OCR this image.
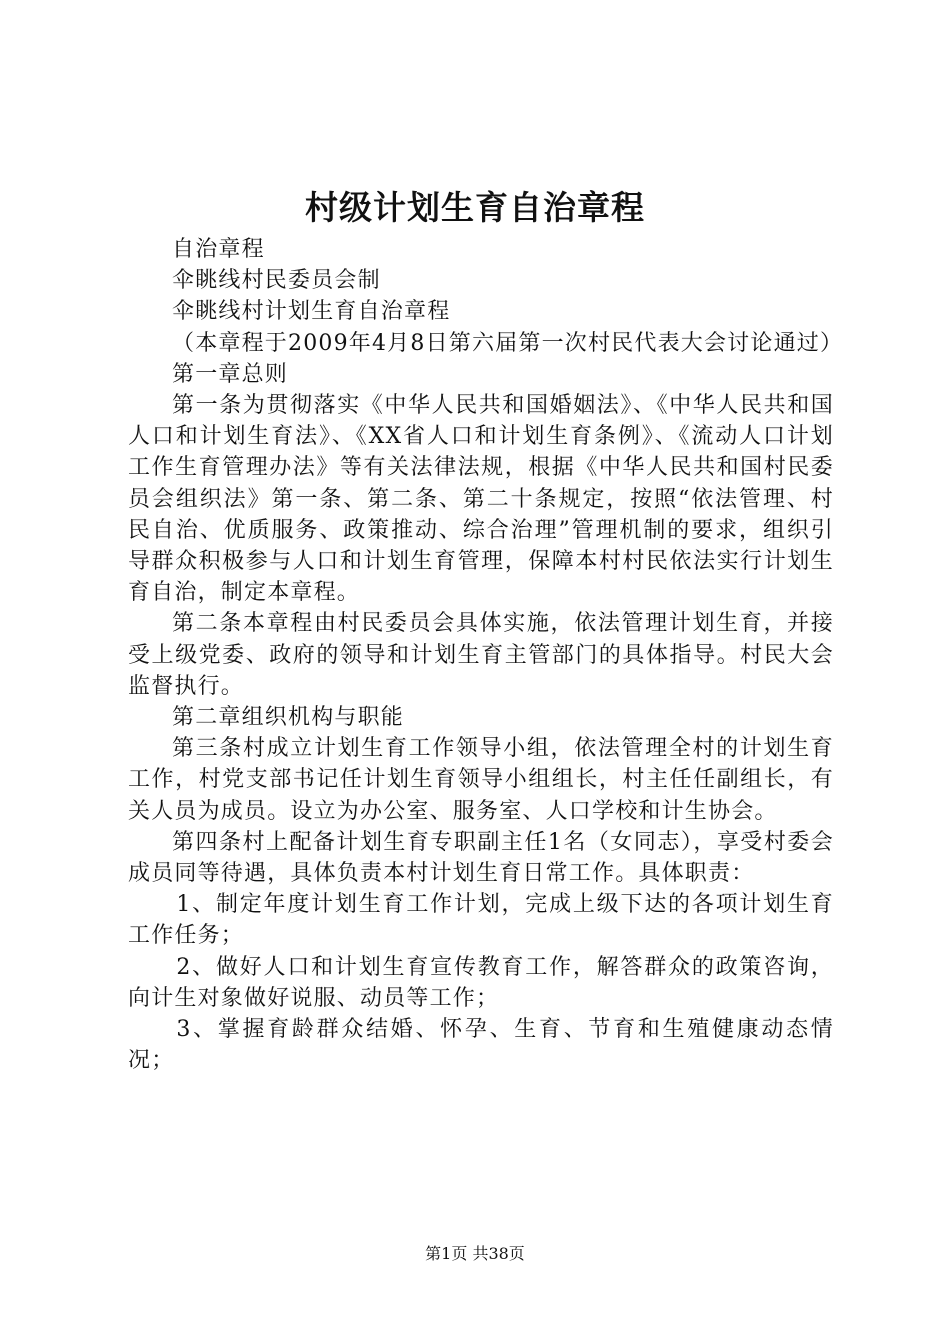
村级计划生育自治章程

自治章程

伞眺线村民委员会制

伞眺线村计划生育自治章程

（本章程于2009年4月8日第六届第一次村民代表大会讨论通过）

第一章总则

第一条为贯彻落实《中华人民共和国婚姻法》、《中华人民共和国人口和计划生育法》、《XX省人口和计划生育条例》、《流动人口计划工作生育管理办法》等有关法律法规，根据《中华人民共和国村民委员会组织法》第一条、第二条、第二十条规定，按照“依法管理、村民自治、优质服务、政策推动、综合治理”管理机制的要求，组织引导群众积极参与人口和计划生育管理，保障本村村民依法实行计划生育自治，制定本章程。

第二条本章程由村民委员会具体实施，依法管理计划生育，并接受上级党委、政府的领导和计划生育主管部门的具体指导。村民大会监督执行。

第二章组织机构与职能

第三条村成立计划生育工作领导小组，依法管理全村的计划生育工作，村党支部书记任计划生育领导小组组长，村主任任副组长，有关人员为成员。设立为办公室、服务室、人口学校和计生协会。

第四条村上配备计划生育专职副主任1名（女同志），享受村委会成员同等待遇，具体负责本村计划生育日常工作。具体职责：

1、制定年度计划生育工作计划，完成上级下达的各项计划生育工作任务；

2、做好人口和计划生育宣传教育工作，解答群众的政策咨询，向计生对象做好说服、动员等工作；

3、掌握育龄群众结婚、怀孕、生育、节育和生殖健康动态情况；

第1页 共38页
